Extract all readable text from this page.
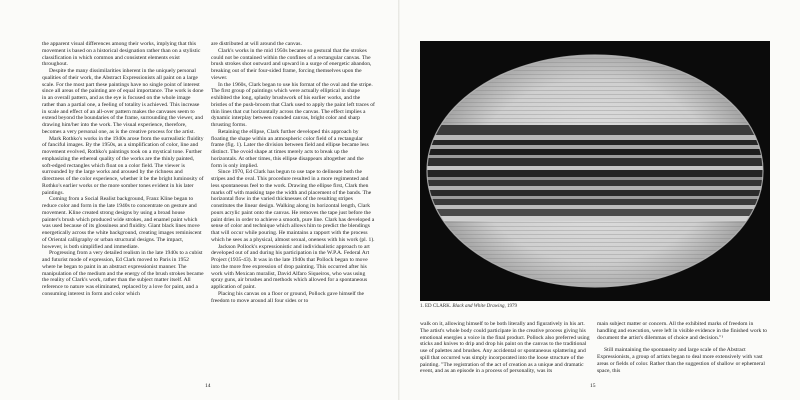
the apparent visual differences among their works, implying that this movement is based on a historical designation rather than on a stylistic classification in which common and consistent elements exist throughout.

Despite the many dissimilarities inherent in the uniquely personal qualities of their work, the Abstract Expressionists all paint on a large scale. For the most part these paintings have no single point of interest since all areas of the painting are of equal importance. The work is done in an overall pattern, and as the eye is focused on the whole image rather than a partial one, a feeling of totality is achieved. This increase in scale and effect of an all-over pattern makes the canvases seem to extend beyond the boundaries of the frame, surrounding the viewer, and drawing him/her into the work. The visual experience, therefore, becomes a very personal one, as is the creative process for the artist.

Mark Rothko's works in the 1940s arose from the surrealistic fluidity of fanciful images. By the 1950s, as a simplification of color, line and movement evolved, Rothko's paintings took on a mystical tone. Further emphasizing the ethereal quality of the works are the thinly painted, soft-edged rectangles which float on a color field. The viewer is surrounded by the large works and aroused by the richness and directness of the color experience, whether it be the bright luminosity of Rothko's earlier works or the more somber tones evident in his later paintings.

Coming from a Social Realist background, Franz Kline began to reduce color and form in the late 1940s to concentrate on gesture and movement. Kline created strong designs by using a broad house painter's brush which produced wide strokes, and enamel paint which was used because of its glossiness and fluidity. Giant black lines move energetically across the white background, creating images reminiscent of Oriental calligraphy or urban structural designs. The impact, however, is both simplified and immediate.

Progressing from a very detailed realism in the late 1940s to a cubist and futurist mode of expression, Ed Clark moved to Paris in 1952 where he began to paint in an abstract expressionist manner. The manipulation of the medium and the energy of the brush strokes became the reality of Clark's work, rather than the subject matter itself. All reference to nature was eliminated, replaced by a love for paint, and a consuming interest in form and color which

are distributed at will around the canvas.

Clark's works in the mid 1950s became so gestural that the strokes could not be contained within the confines of a rectangular canvas. The brush strokes shot outward and upward in a surge of energetic abandon, breaking out of their four-sided frame, forcing themselves upon the viewer.

In the 1960s, Clark began to use his format of the oval and the stripe. The first group of paintings which were actually elliptical in shape exhibited the long, splashy brushwork of his earlier works, and the bristles of the push-broom that Clark used to apply the paint left traces of thin lines that cut horizontally across the canvas. The effect implies a dynamic interplay between rounded canvas, bright color and sharp thrusting forms.

Retaining the ellipse, Clark further developed this approach by floating the shape within an atmospheric color field of a rectangular frame (fig. 1). Later the division between field and ellipse became less distinct. The ovoid shape at times merely acts to break up the horizontals. At other times, this ellipse disappears altogether and the form is only implied.

Since 1970, Ed Clark has begun to use tape to delineate both the stripes and the oval. This procedure resulted in a more regimented and less spontaneous feel to the work. Drawing the ellipse first, Clark then marks off with masking tape the width and placement of the bands. The horizontal flow in the varied thicknesses of the resulting stripes constitutes the linear design. Walking along its horizontal length, Clark pours acrylic paint onto the canvas. He removes the tape just before the paint dries in order to achieve a smooth, pure line. Clark has developed a sense of color and technique which allows him to predict the blendings that will occur while pouring. He maintains a rapport with the process which he sees as a physical, almost sexual, oneness with his work (pl. 1).

Jackson Pollock's expressionistic and individualistic approach to art developed out of and during his participation in the W.P.A. Federal Art Project (1935-43). It was in the late 1940s that Pollock began to move into the more free expression of drop painting. This occurred after his work with Mexican muralist, David Alfaro Siqueiros, who was using spray guns, air brushes and methods which allowed for a spontaneous application of paint.

Placing his canvas on a floor or ground, Pollock gave himself the freedom to move around all four sides or to

14
1. ED CLARK. Black and White Drawing, 1979

walk on it, allowing himself to be both literally and figuratively in his art. The artist's whole body could participate in the creative process giving his emotional energies a voice in the final product. Pollock also preferred using sticks and knives to drip and drop his paint on the canvas to the traditional use of palettes and brushes. Any accidental or spontaneous splattering and spill that occurred was simply incorporated into the loose structure of the painting. "The registration of the act of creation as a unique and dramatic event, and as an episode in a process of personality, was its

main subject matter or concern. All the exhibited marks of freedom in handling and execution, were left in visible evidence in the finished work to document the artist's dilemmas of choice and decision."¹

Still maintaining the spontaneity and large scale of the Abstract Expressionists, a group of artists began to deal more extensively with vast areas or fields of color. Rather than the suggestion of shallow or ephemeral space, this

15
